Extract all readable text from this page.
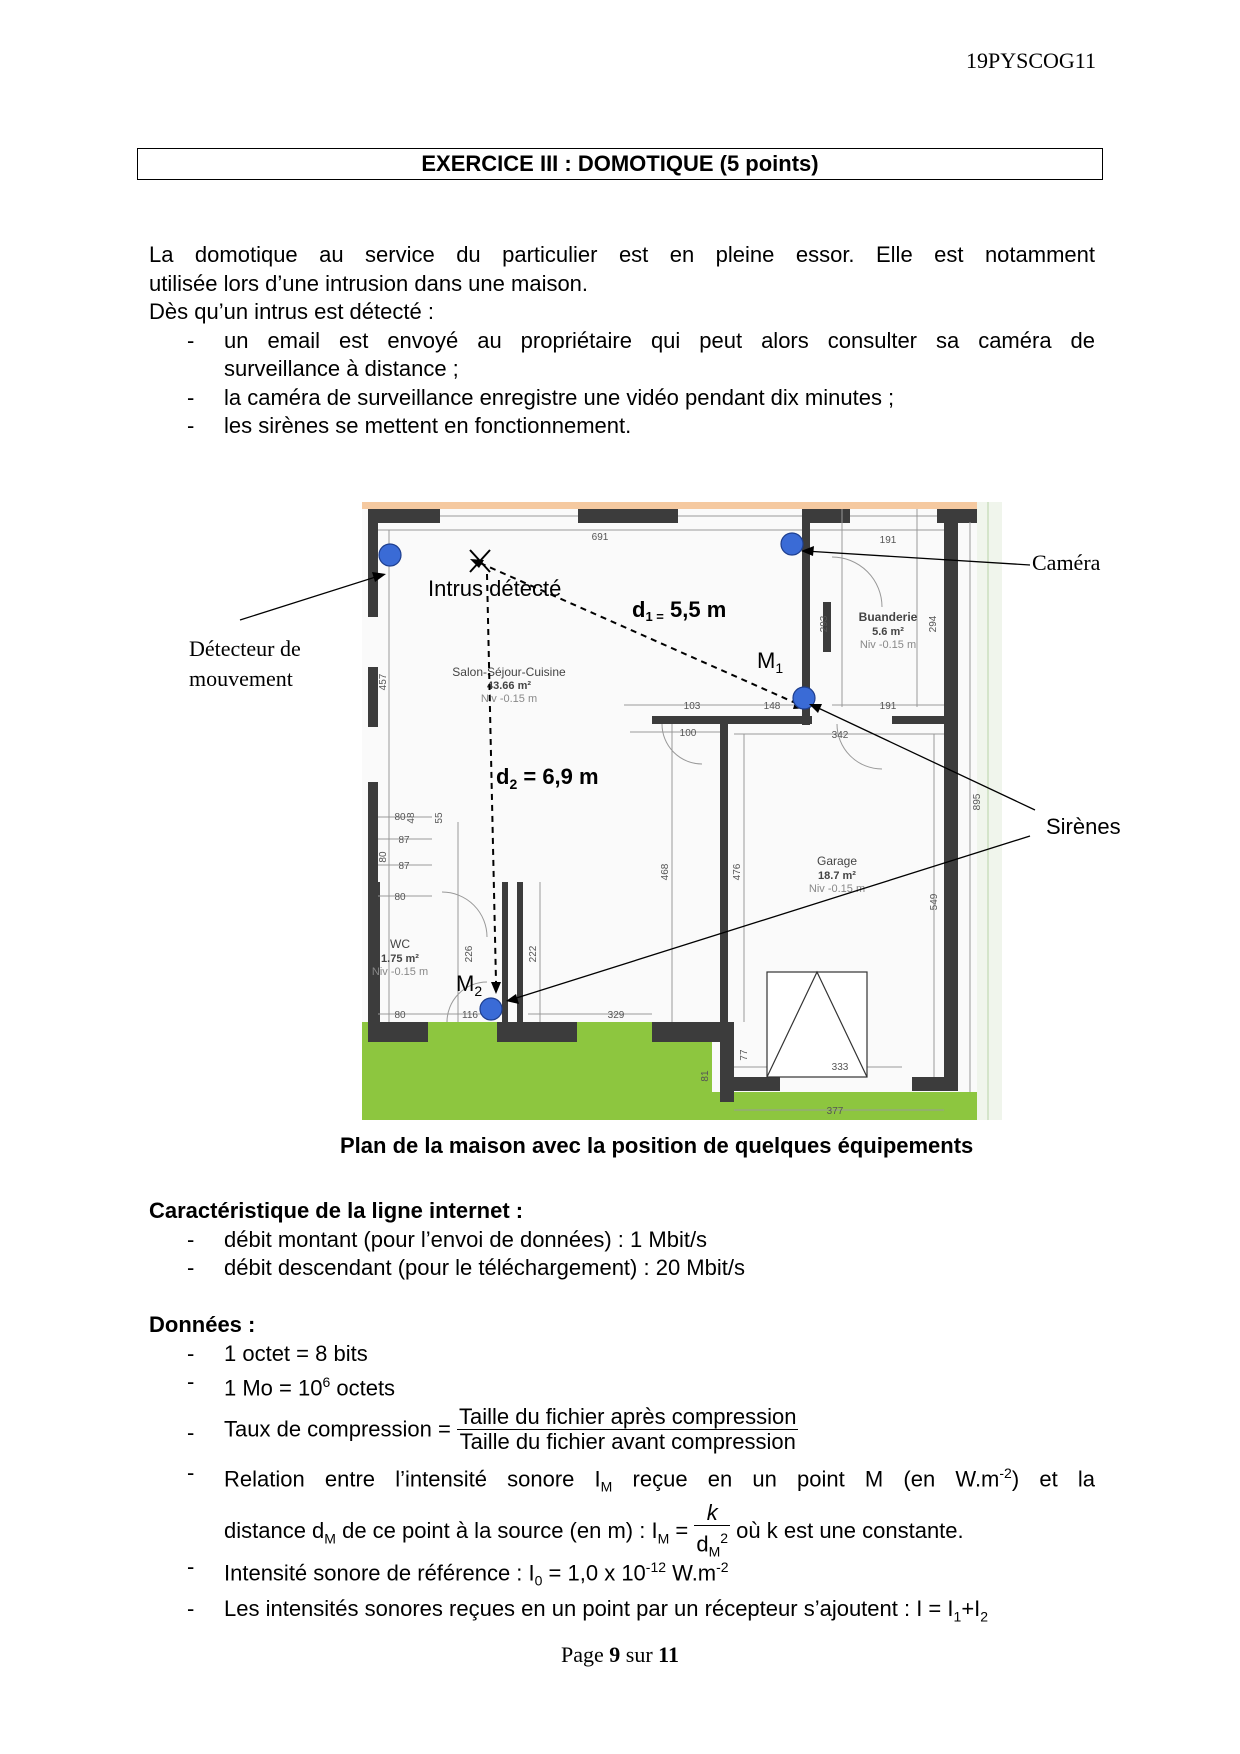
19PYSCOG11
EXERCICE III : DOMOTIQUE (5 points)
La domotique au service du particulier est en pleine essor. Elle est notamment
utilisée lors d’une intrusion dans une maison.
Dès qu’un intrus est détecté :
- un email est envoyé au propriétaire qui peut alors consulter sa caméra de
surveillance à distance ;
- la caméra de surveillance enregistre une vidéo pendant dix minutes ;
- les sirènes se mettent en fonctionnement.
691	191
293	294
457
103	148	191
100	342
895
80 48 55
87
80
87
80
468	476
549
226	222
80	116	329
77
81
333
377
Salon-Séjour-Cuisine
43.66 m²
Niv -0.15 m
Buanderie
5.6 m²
Niv -0.15 m
Garage
18.7 m²
Niv -0.15 m
WC
1.75 m²
Niv -0.15 m
Intrus détecté
d1 = 5,5 m
$M_1$
$d_2 = 6,9$ m
$M_2$
Caméra
Détecteur de
mouvement
Sirènes
Plan de la maison avec la position de quelques équipements
Caractéristique de la ligne internet :
- débit montant (pour l’envoi de données) : 1 Mbit/s
- débit descendant (pour le téléchargement) : 20 Mbit/s
Données :
- 1 octet = 8 bits
- 1 $Mo = 10^6$ octets
- Taux de compression = $\frac{\text{Taille du fichier après compression}}{\text{Taille du fichier avant compression}}$
- Relation entre l’intensité sonore $I_M$ reçue en un point M (en $W.m^{-2}$) et la
distance $d_M$ de ce point à la source (en m) : $I_M = \frac{k}{d_M^2}$ où k est une constante.
- Intensité sonore de référence : $I_0 = 1,0$ x $10^{-12}$ $W.m^{-2}$
- Les intensités sonores reçues en un point par un récepteur s’ajoutent : $I = I_1+I_2$
Page 9 sur 11
